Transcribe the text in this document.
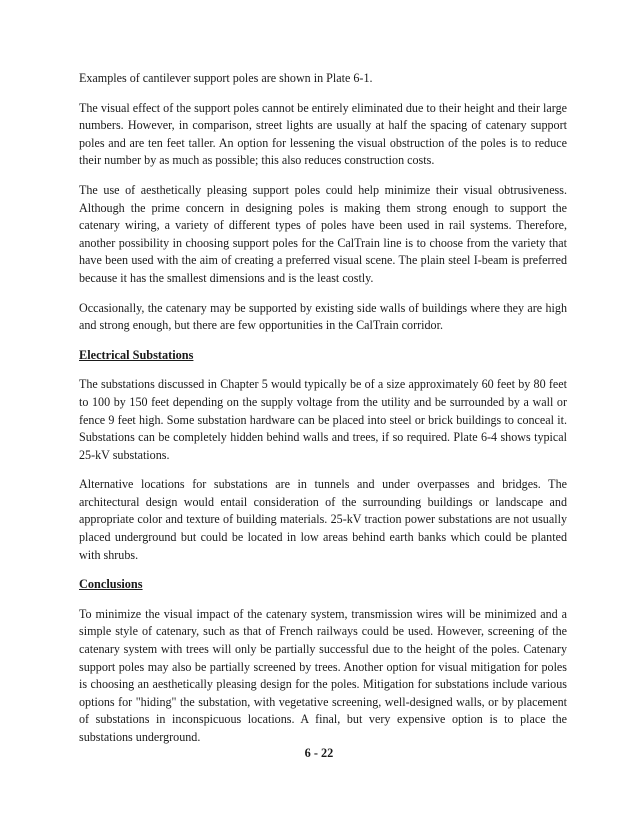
Examples of cantilever support poles are shown in Plate 6-1.

The visual effect of the support poles cannot be entirely eliminated due to their height and their large numbers. However, in comparison, street lights are usually at half the spacing of catenary support poles and are ten feet taller. An option for lessening the visual obstruction of the poles is to reduce their number by as much as possible; this also reduces construction costs.

The use of aesthetically pleasing support poles could help minimize their visual obtrusiveness. Although the prime concern in designing poles is making them strong enough to support the catenary wiring, a variety of different types of poles have been used in rail systems. Therefore, another possibility in choosing support poles for the CalTrain line is to choose from the variety that have been used with the aim of creating a preferred visual scene. The plain steel I-beam is preferred because it has the smallest dimensions and is the least costly.

Occasionally, the catenary may be supported by existing side walls of buildings where they are high and strong enough, but there are few opportunities in the CalTrain corridor.

Electrical Substations

The substations discussed in Chapter 5 would typically be of a size approximately 60 feet by 80 feet to 100 by 150 feet depending on the supply voltage from the utility and be surrounded by a wall or fence 9 feet high. Some substation hardware can be placed into steel or brick buildings to conceal it. Substations can be completely hidden behind walls and trees, if so required. Plate 6-4 shows typical 25-kV substations.

Alternative locations for substations are in tunnels and under overpasses and bridges. The architectural design would entail consideration of the surrounding buildings or landscape and appropriate color and texture of building materials. 25-kV traction power substations are not usually placed underground but could be located in low areas behind earth banks which could be planted with shrubs.

Conclusions

To minimize the visual impact of the catenary system, transmission wires will be minimized and a simple style of catenary, such as that of French railways could be used. However, screening of the catenary system with trees will only be partially successful due to the height of the poles. Catenary support poles may also be partially screened by trees. Another option for visual mitigation for poles is choosing an aesthetically pleasing design for the poles. Mitigation for substations include various options for "hiding" the substation, with vegetative screening, well-designed walls, or by placement of substations in inconspicuous locations. A final, but very expensive option is to place the substations underground.

6 - 22
